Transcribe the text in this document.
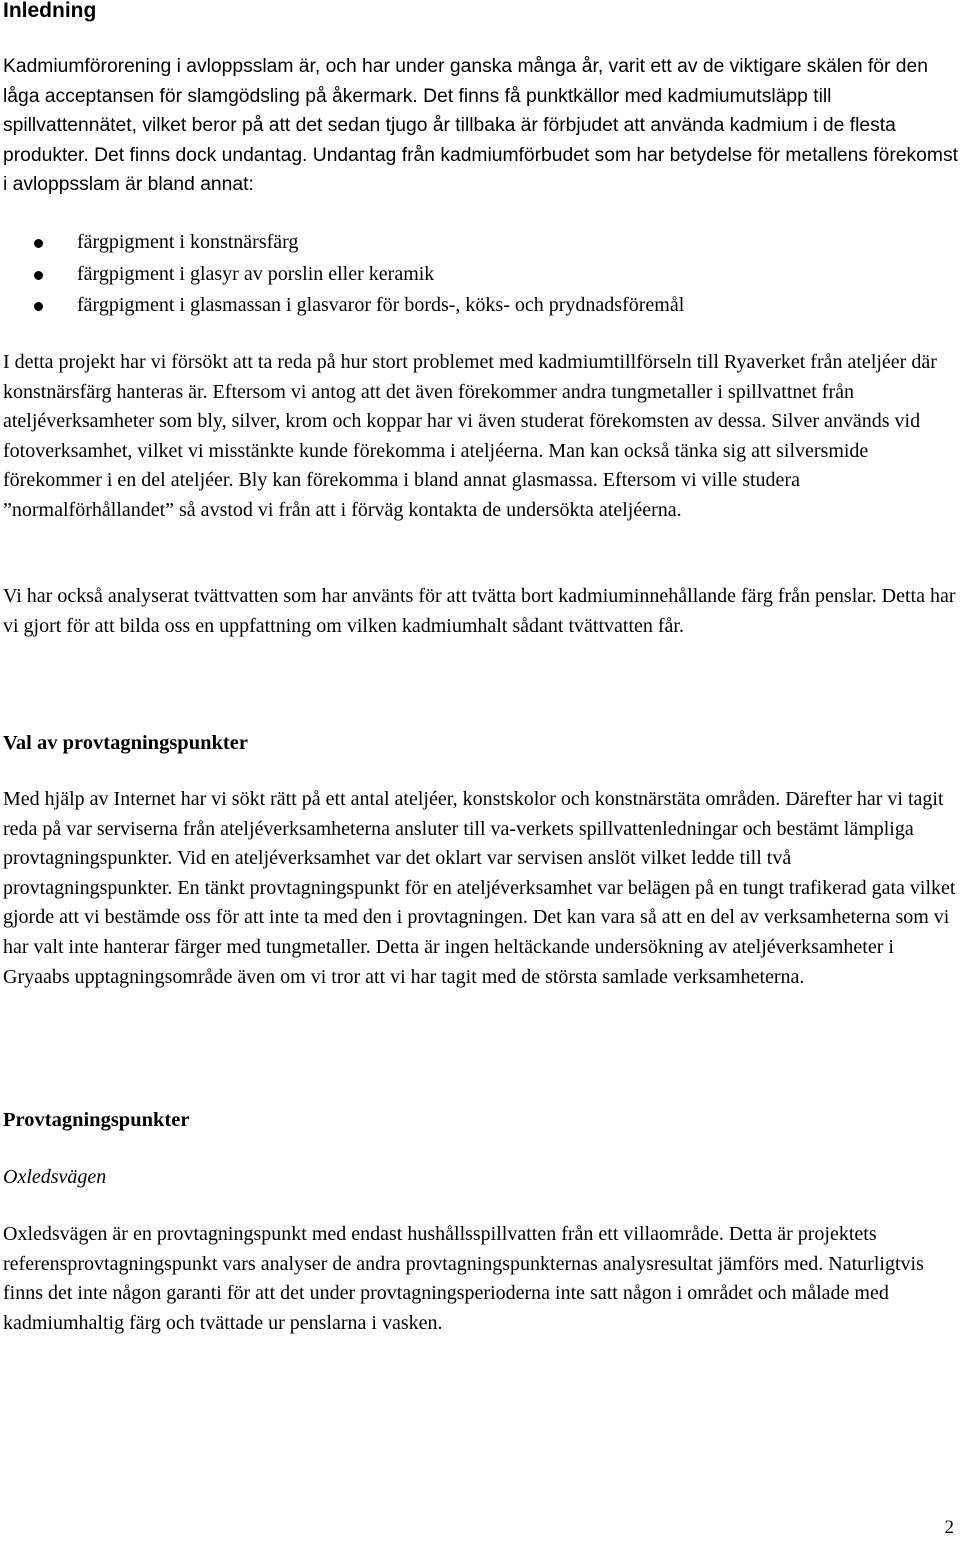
Inledning

Kadmiumförorening i avloppsslam är, och har under ganska många år, varit ett av de viktigare skälen för den låga acceptansen för slamgödsling på åkermark. Det finns få punktkällor med kadmiumutsläpp till spillvattennätet, vilket beror på att det sedan tjugo år tillbaka är förbjudet att använda kadmium i de flesta produkter. Det finns dock undantag. Undantag från kadmiumförbudet som har betydelse för metallens förekomst i avloppsslam är bland annat:

färgpigment i konstnärsfärg
färgpigment i glasyr av porslin eller keramik
färgpigment i glasmassan i glasvaror för bords-, köks- och prydnadsföremål

I detta projekt har vi försökt att ta reda på hur stort problemet med kadmiumtillförseln till Ryaverket från ateljéer där konstnärsfärg hanteras är. Eftersom vi antog att det även förekommer andra tungmetaller i spillvattnet från ateljéverksamheter som bly, silver, krom och koppar har vi även studerat förekomsten av dessa. Silver används vid fotoverksamhet, vilket vi misstänkte kunde förekomma i ateljéerna. Man kan också tänka sig att silversmide förekommer i en del ateljéer. Bly kan förekomma i bland annat glasmassa. Eftersom vi ville studera ”normalförhållandet” så avstod vi från att i förväg kontakta de undersökta ateljéerna.

Vi har också analyserat tvättvatten som har använts för att tvätta bort kadmiuminnehållande färg från penslar. Detta har vi gjort för att bilda oss en uppfattning om vilken kadmiumhalt sådant tvättvatten får.

Val av provtagningspunkter

Med hjälp av Internet har vi sökt rätt på ett antal ateljéer, konstskolor och konstnärstäta områden. Därefter har vi tagit reda på var serviserna från ateljéverksamheterna ansluter till va-verkets spillvattenledningar och bestämt lämpliga provtagningspunkter. Vid en ateljéverksamhet var det oklart var servisen anslöt vilket ledde till två provtagningspunkter. En tänkt provtagningspunkt för en ateljéverksamhet var belägen på en tungt trafikerad gata vilket gjorde att vi bestämde oss för att inte ta med den i provtagningen. Det kan vara så att en del av verksamheterna som vi har valt inte hanterar färger med tungmetaller. Detta är ingen heltäckande undersökning av ateljéverksamheter i Gryaabs upptagningsområde även om vi tror att vi har tagit med de största samlade verksamheterna.

Provtagningspunkter
Oxledsvägen

Oxledsvägen är en provtagningspunkt med endast hushållsspillvatten från ett villaområde. Detta är projektets referensprovtagningspunkt vars analyser de andra provtagningspunkternas analysresultat jämförs med. Naturligtvis finns det inte någon garanti för att det under provtagningsperioderna inte satt någon i området och målade med kadmiumhaltig färg och tvättade ur penslarna i vasken.

2
